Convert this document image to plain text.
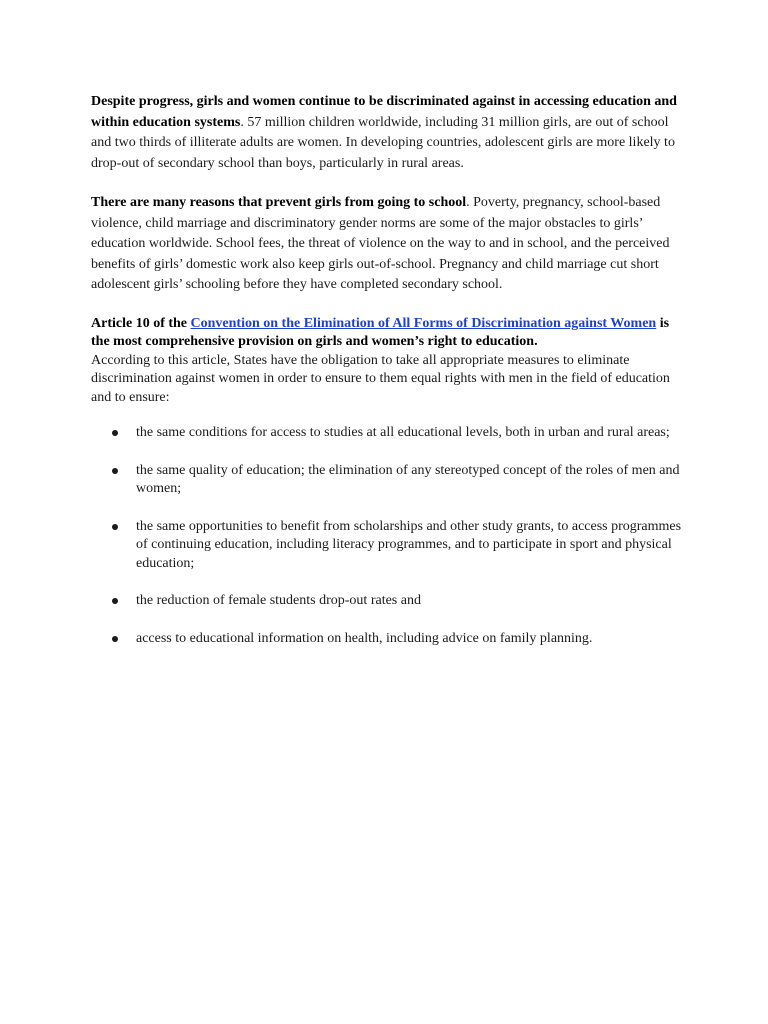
Despite progress, girls and women continue to be discriminated against in accessing education and within education systems. 57 million children worldwide, including 31 million girls, are out of school and two thirds of illiterate adults are women. In developing countries, adolescent girls are more likely to drop-out of secondary school than boys, particularly in rural areas.

There are many reasons that prevent girls from going to school. Poverty, pregnancy, school-based violence, child marriage and discriminatory gender norms are some of the major obstacles to girls’ education worldwide. School fees, the threat of violence on the way to and in school, and the perceived benefits of girls’ domestic work also keep girls out-of-school. Pregnancy and child marriage cut short adolescent girls’ schooling before they have completed secondary school.

Article 10 of the Convention on the Elimination of All Forms of Discrimination against Women is the most comprehensive provision on girls and women’s right to education.
According to this article, States have the obligation to take all appropriate measures to eliminate discrimination against women in order to ensure to them equal rights with men in the field of education and to ensure:

the same conditions for access to studies at all educational levels, both in urban and rural areas;
the same quality of education; the elimination of any stereotyped concept of the roles of men and women;
the same opportunities to benefit from scholarships and other study grants, to access programmes of continuing education, including literacy programmes, and to participate in sport and physical education;
the reduction of female students drop-out rates and
access to educational information on health, including advice on family planning.
